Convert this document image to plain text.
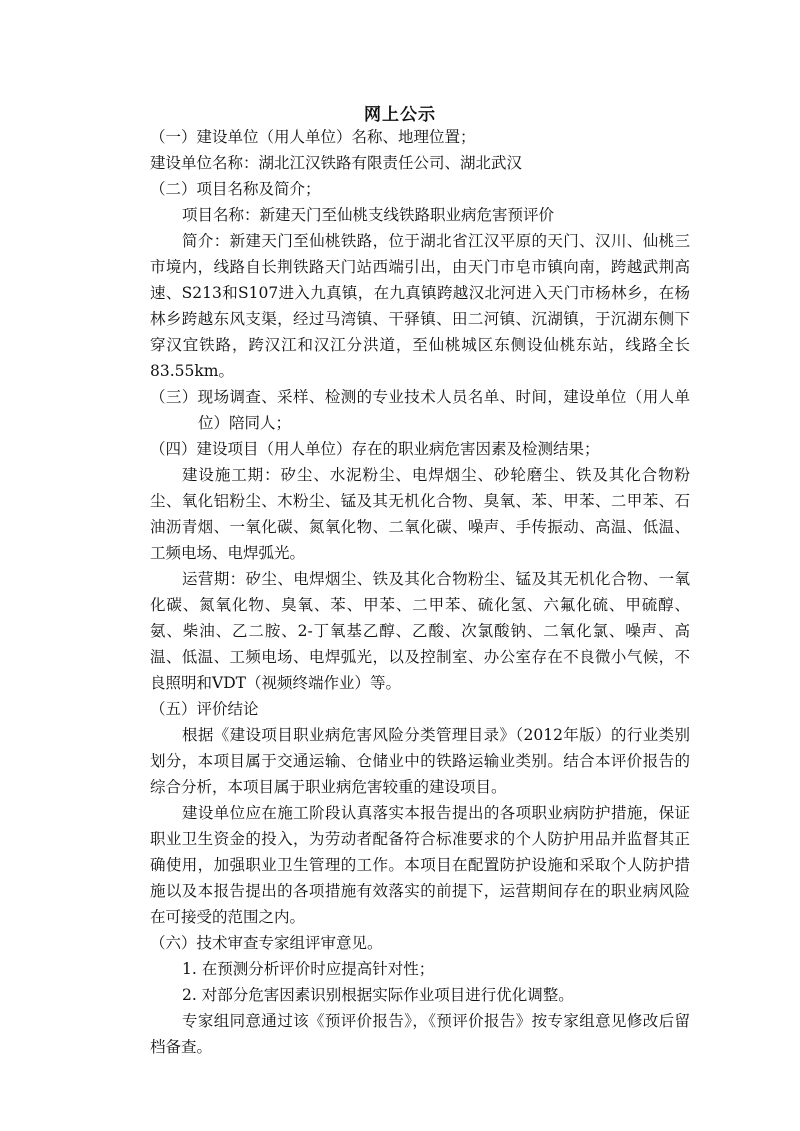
网上公示

（一）建设单位（用人单位）名称、地理位置；

建设单位名称：湖北江汉铁路有限责任公司、湖北武汉

（二）项目名称及简介；

项目名称：新建天门至仙桃支线铁路职业病危害预评价

简介：新建天门至仙桃铁路，位于湖北省江汉平原的天门、汉川、仙桃三市境内，线路自长荆铁路天门站西端引出，由天门市皂市镇向南，跨越武荆高速、S213和S107进入九真镇，在九真镇跨越汉北河进入天门市杨林乡，在杨林乡跨越东风支渠，经过马湾镇、干驿镇、田二河镇、沉湖镇，于沉湖东侧下穿汉宜铁路，跨汉江和汉江分洪道，至仙桃城区东侧设仙桃东站，线路全长83.55km。

（三）现场调查、采样、检测的专业技术人员名单、时间，建设单位（用人单位）陪同人；

（四）建设项目（用人单位）存在的职业病危害因素及检测结果；

建设施工期：矽尘、水泥粉尘、电焊烟尘、砂轮磨尘、铁及其化合物粉尘、氧化铝粉尘、木粉尘、锰及其无机化合物、臭氧、苯、甲苯、二甲苯、石油沥青烟、一氧化碳、氮氧化物、二氧化碳、噪声、手传振动、高温、低温、工频电场、电焊弧光。

运营期：矽尘、电焊烟尘、铁及其化合物粉尘、锰及其无机化合物、一氧化碳、氮氧化物、臭氧、苯、甲苯、二甲苯、硫化氢、六氟化硫、甲硫醇、氨、柴油、乙二胺、2-丁氧基乙醇、乙酸、次氯酸钠、二氧化氯、噪声、高温、低温、工频电场、电焊弧光，以及控制室、办公室存在不良微小气候，不良照明和VDT（视频终端作业）等。

（五）评价结论

根据《建设项目职业病危害风险分类管理目录》（2012年版）的行业类别划分，本项目属于交通运输、仓储业中的铁路运输业类别。结合本评价报告的综合分析，本项目属于职业病危害较重的建设项目。

建设单位应在施工阶段认真落实本报告提出的各项职业病防护措施，保证职业卫生资金的投入，为劳动者配备符合标准要求的个人防护用品并监督其正确使用，加强职业卫生管理的工作。本项目在配置防护设施和采取个人防护措施以及本报告提出的各项措施有效落实的前提下，运营期间存在的职业病风险在可接受的范围之内。

（六）技术审查专家组评审意见。

1. 在预测分析评价时应提高针对性；

2. 对部分危害因素识别根据实际作业项目进行优化调整。

专家组同意通过该《预评价报告》，《预评价报告》按专家组意见修改后留档备查。
